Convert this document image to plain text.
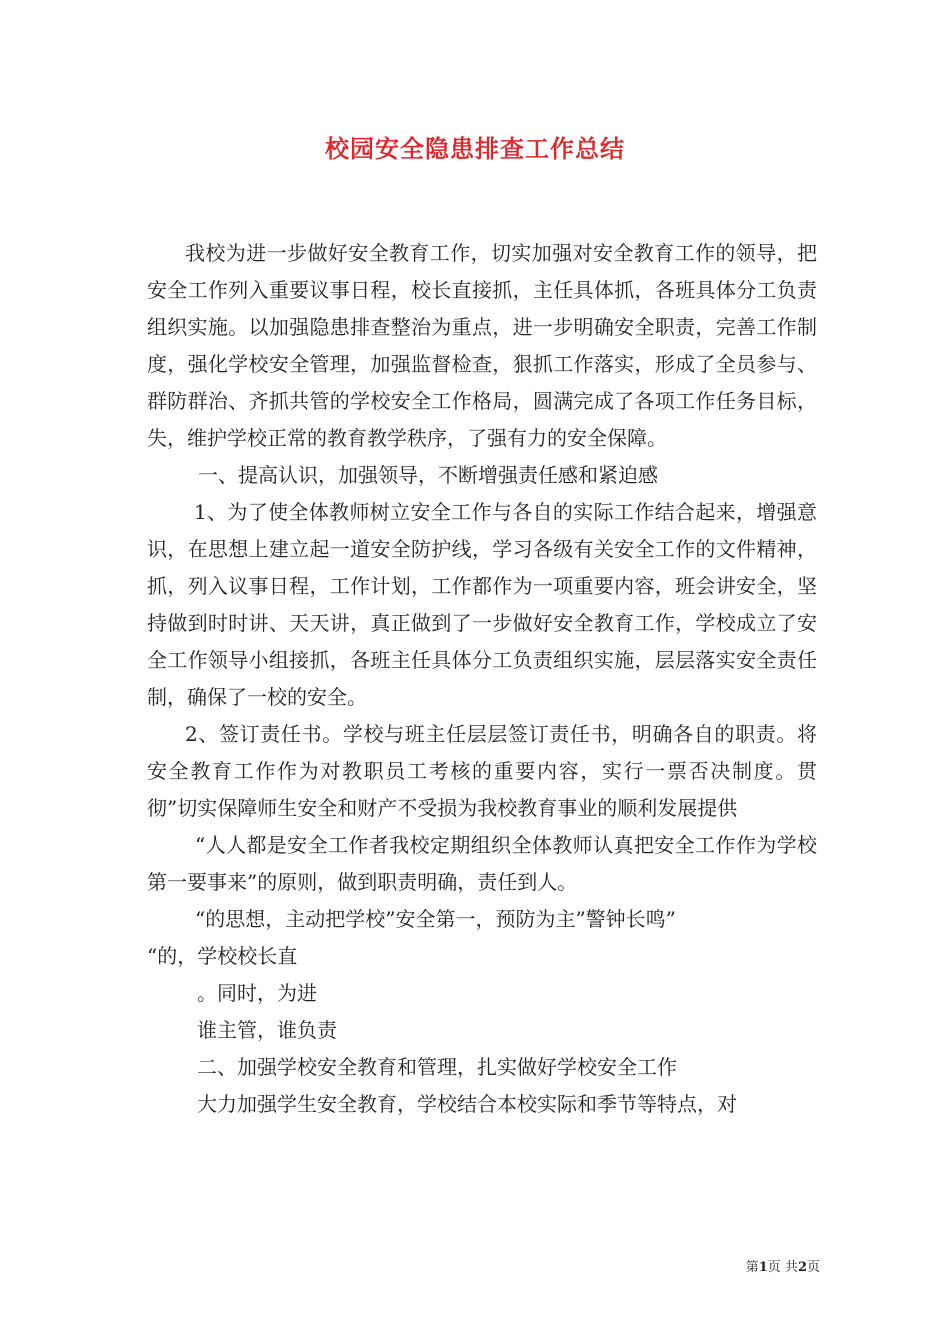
校园安全隐患排查工作总结

我校为进一步做好安全教育工作，切实加强对安全教育工作的领导，把安全工作列入重要议事日程，校长直接抓，主任具体抓，各班具体分工负责组织实施。以加强隐患排查整治为重点，进一步明确安全职责，完善工作制度，强化学校安全管理，加强监督检查，狠抓工作落实，形成了全员参与、群防群治、齐抓共管的学校安全工作格局，圆满完成了各项工作任务目标，失，维护学校正常的教育教学秩序，了强有力的安全保障。

一、提高认识，加强领导，不断增强责任感和紧迫感

1、为了使全体教师树立安全工作与各自的实际工作结合起来，增强意识，在思想上建立起一道安全防护线，学习各级有关安全工作的文件精神，抓，列入议事日程，工作计划，工作都作为一项重要内容，班会讲安全，坚持做到时时讲、天天讲，真正做到了一步做好安全教育工作，学校成立了安全工作领导小组接抓，各班主任具体分工负责组织实施，层层落实安全责任制，确保了一校的安全。

2、签订责任书。学校与班主任层层签订责任书，明确各自的职责。将安全教育工作作为对教职员工考核的重要内容，实行一票否决制度。贯彻”切实保障师生安全和财产不受损为我校教育事业的顺利发展提供

“人人都是安全工作者我校定期组织全体教师认真把安全工作作为学校第一要事来”的原则，做到职责明确，责任到人。

“的思想，主动把学校”安全第一，预防为主”警钟长鸣”

“的，学校校长直

。同时，为进

谁主管，谁负责

二、加强学校安全教育和管理，扎实做好学校安全工作

大力加强学生安全教育，学校结合本校实际和季节等特点，对

第1页 共2页
